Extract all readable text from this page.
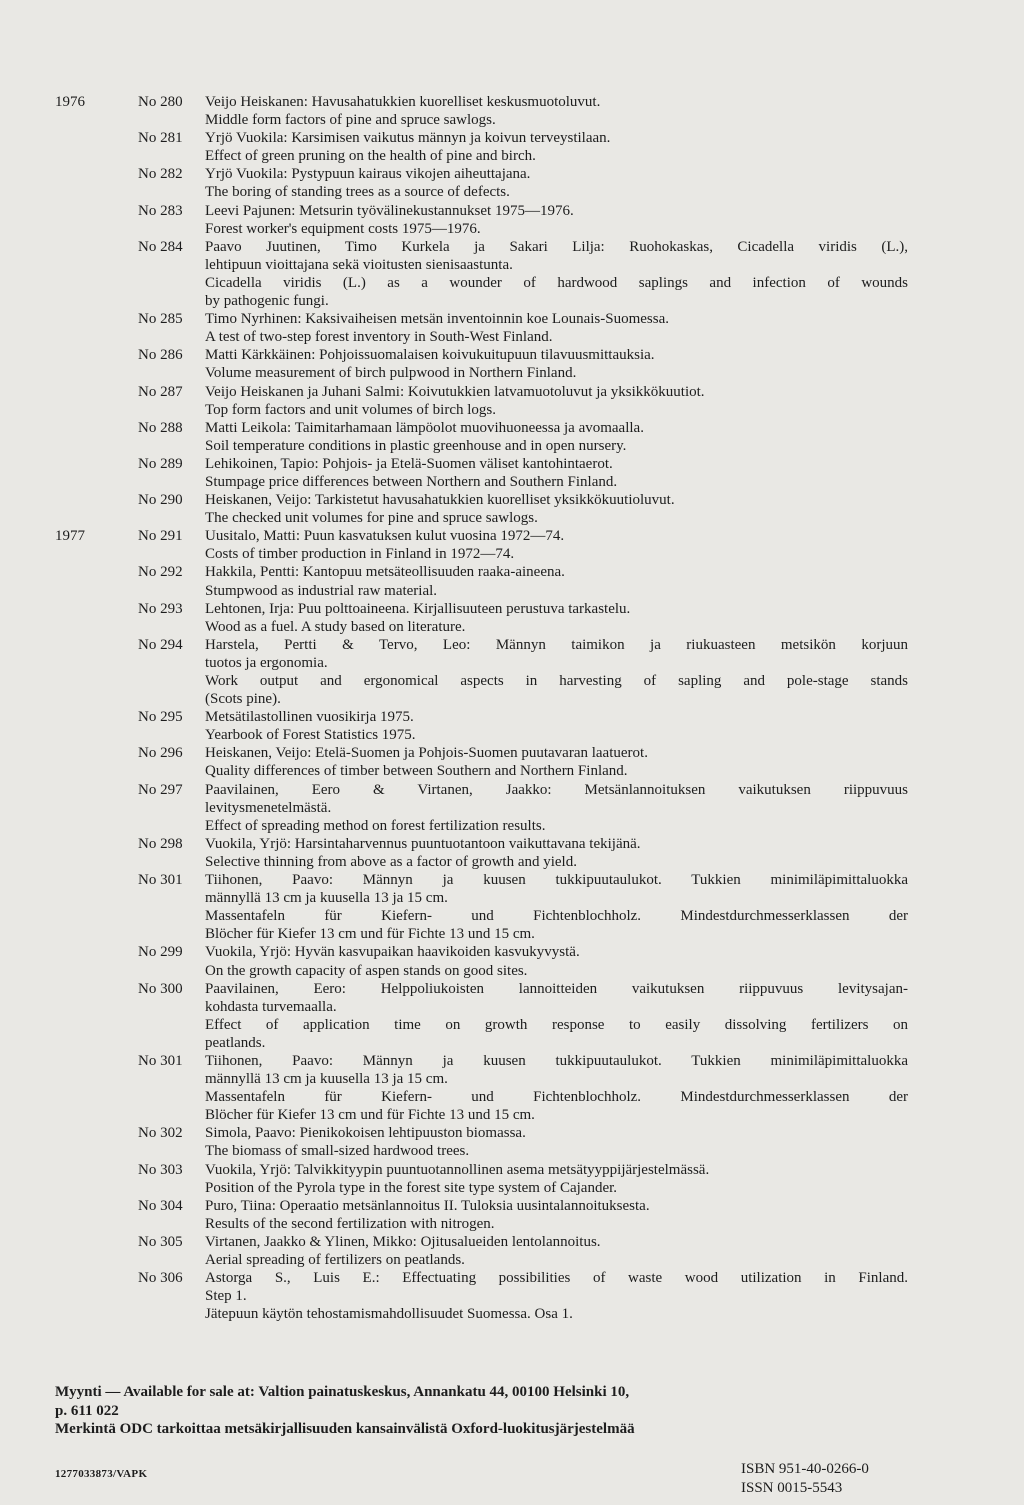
1976	No 280 Veijo Heiskanen: Havusahatukkien kuorelliset keskusmuotoluvut.
Middle form factors of pine and spruce sawlogs.
No 281 Yrjö Vuokila: Karsimisen vaikutus männyn ja koivun terveystilaan.
Effect of green pruning on the health of pine and birch.
No 282 Yrjö Vuokila: Pystypuun kairaus vikojen aiheuttajana.
The boring of standing trees as a source of defects.
No 283 Leevi Pajunen: Metsurin työvälinekustannukset 1975—1976.
Forest worker's equipment costs 1975—1976.
No 284 Paavo Juutinen, Timo Kurkela ja Sakari Lilja: Ruohokaskas, Cicadella viridis (L.),
lehtipuun vioittajana sekä vioitusten sienisaastunta.
Cicadella viridis (L.) as a wounder of hardwood saplings and infection of wounds
by pathogenic fungi.
No 285 Timo Nyrhinen: Kaksivaiheisen metsän inventoinnin koe Lounais-Suomessa.
A test of two-step forest inventory in South-West Finland.
No 286 Matti Kärkkäinen: Pohjoissuomalaisen koivukuitupuun tilavuusmittauksia.
Volume measurement of birch pulpwood in Northern Finland.
No 287 Veijo Heiskanen ja Juhani Salmi: Koivutukkien latvamuotoluvut ja yksikkökuutiot.
Top form factors and unit volumes of birch logs.
No 288 Matti Leikola: Taimitarhamaan lämpöolot muovihuoneessa ja avomaalla.
Soil temperature conditions in plastic greenhouse and in open nursery.
No 289 Lehikoinen, Tapio: Pohjois- ja Etelä-Suomen väliset kantohintaerot.
Stumpage price differences between Northern and Southern Finland.
No 290 Heiskanen, Veijo: Tarkistetut havusahatukkien kuorelliset yksikkökuutioluvut.
The checked unit volumes for pine and spruce sawlogs.
1977	No 291 Uusitalo, Matti: Puun kasvatuksen kulut vuosina 1972—74.
Costs of timber production in Finland in 1972—74.
No 292 Hakkila, Pentti: Kantopuu metsäteollisuuden raaka-aineena.
Stumpwood as industrial raw material.
No 293 Lehtonen, Irja: Puu polttoaineena. Kirjallisuuteen perustuva tarkastelu.
Wood as a fuel. A study based on literature.
No 294 Harstela, Pertti & Tervo, Leo: Männyn taimikon ja riukuasteen metsikön korjuun
tuotos ja ergonomia.
Work output and ergonomical aspects in harvesting of sapling and pole-stage stands
(Scots pine).
No 295 Metsätilastollinen vuosikirja 1975.
Yearbook of Forest Statistics 1975.
No 296 Heiskanen, Veijo: Etelä-Suomen ja Pohjois-Suomen puutavaran laatuerot.
Quality differences of timber between Southern and Northern Finland.
No 297 Paavilainen, Eero & Virtanen, Jaakko: Metsänlannoituksen vaikutuksen riippuvuus
levitysmenetelmästä.
Effect of spreading method on forest fertilization results.
No 298 Vuokila, Yrjö: Harsintaharvennus puuntuotantoon vaikuttavana tekijänä.
Selective thinning from above as a factor of growth and yield.
No 301 Tiihonen, Paavo: Männyn ja kuusen tukkipuutaulukot. Tukkien minimiläpimittaluokka
männyllä 13 cm ja kuusella 13 ja 15 cm.
Massentafeln für Kiefern- und Fichtenblochholz. Mindestdurchmesserklassen der
Blöcher für Kiefer 13 cm und für Fichte 13 und 15 cm.
No 299 Vuokila, Yrjö: Hyvän kasvupaikan haavikoiden kasvukyvystä.
On the growth capacity of aspen stands on good sites.
No 300 Paavilainen, Eero: Helppoliukoisten lannoitteiden vaikutuksen riippuvuus levitysajan-
kohdasta turvemaalla.
Effect of application time on growth response to easily dissolving fertilizers on
peatlands.
No 301 Tiihonen, Paavo: Männyn ja kuusen tukkipuutaulukot. Tukkien minimiläpimittaluokka
männyllä 13 cm ja kuusella 13 ja 15 cm.
Massentafeln für Kiefern- und Fichtenblochholz. Mindestdurchmesserklassen der
Blöcher für Kiefer 13 cm und für Fichte 13 und 15 cm.
No 302 Simola, Paavo: Pienikokoisen lehtipuuston biomassa.
The biomass of small-sized hardwood trees.
No 303 Vuokila, Yrjö: Talvikkityypin puuntuotannollinen asema metsätyyppijärjestelmässä.
Position of the Pyrola type in the forest site type system of Cajander.
No 304 Puro, Tiina: Operaatio metsänlannoitus II. Tuloksia uusintalannoituksesta.
Results of the second fertilization with nitrogen.
No 305 Virtanen, Jaakko & Ylinen, Mikko: Ojitusalueiden lentolannoitus.
Aerial spreading of fertilizers on peatlands.
No 306 Astorga S., Luis E.: Effectuating possibilities of waste wood utilization in Finland.
Step 1.
Jätepuun käytön tehostamismahdollisuudet Suomessa. Osa 1.
Myynti — Available for sale at: Valtion painatuskeskus, Annankatu 44, 00100 Helsinki 10,
p. 611 022
Merkintä ODC tarkoittaa metsäkirjallisuuden kansainvälistä Oxford-luokitusjärjestelmää
1277033873/VAPK	ISBN 951-40-0266-0
ISSN 0015-5543
